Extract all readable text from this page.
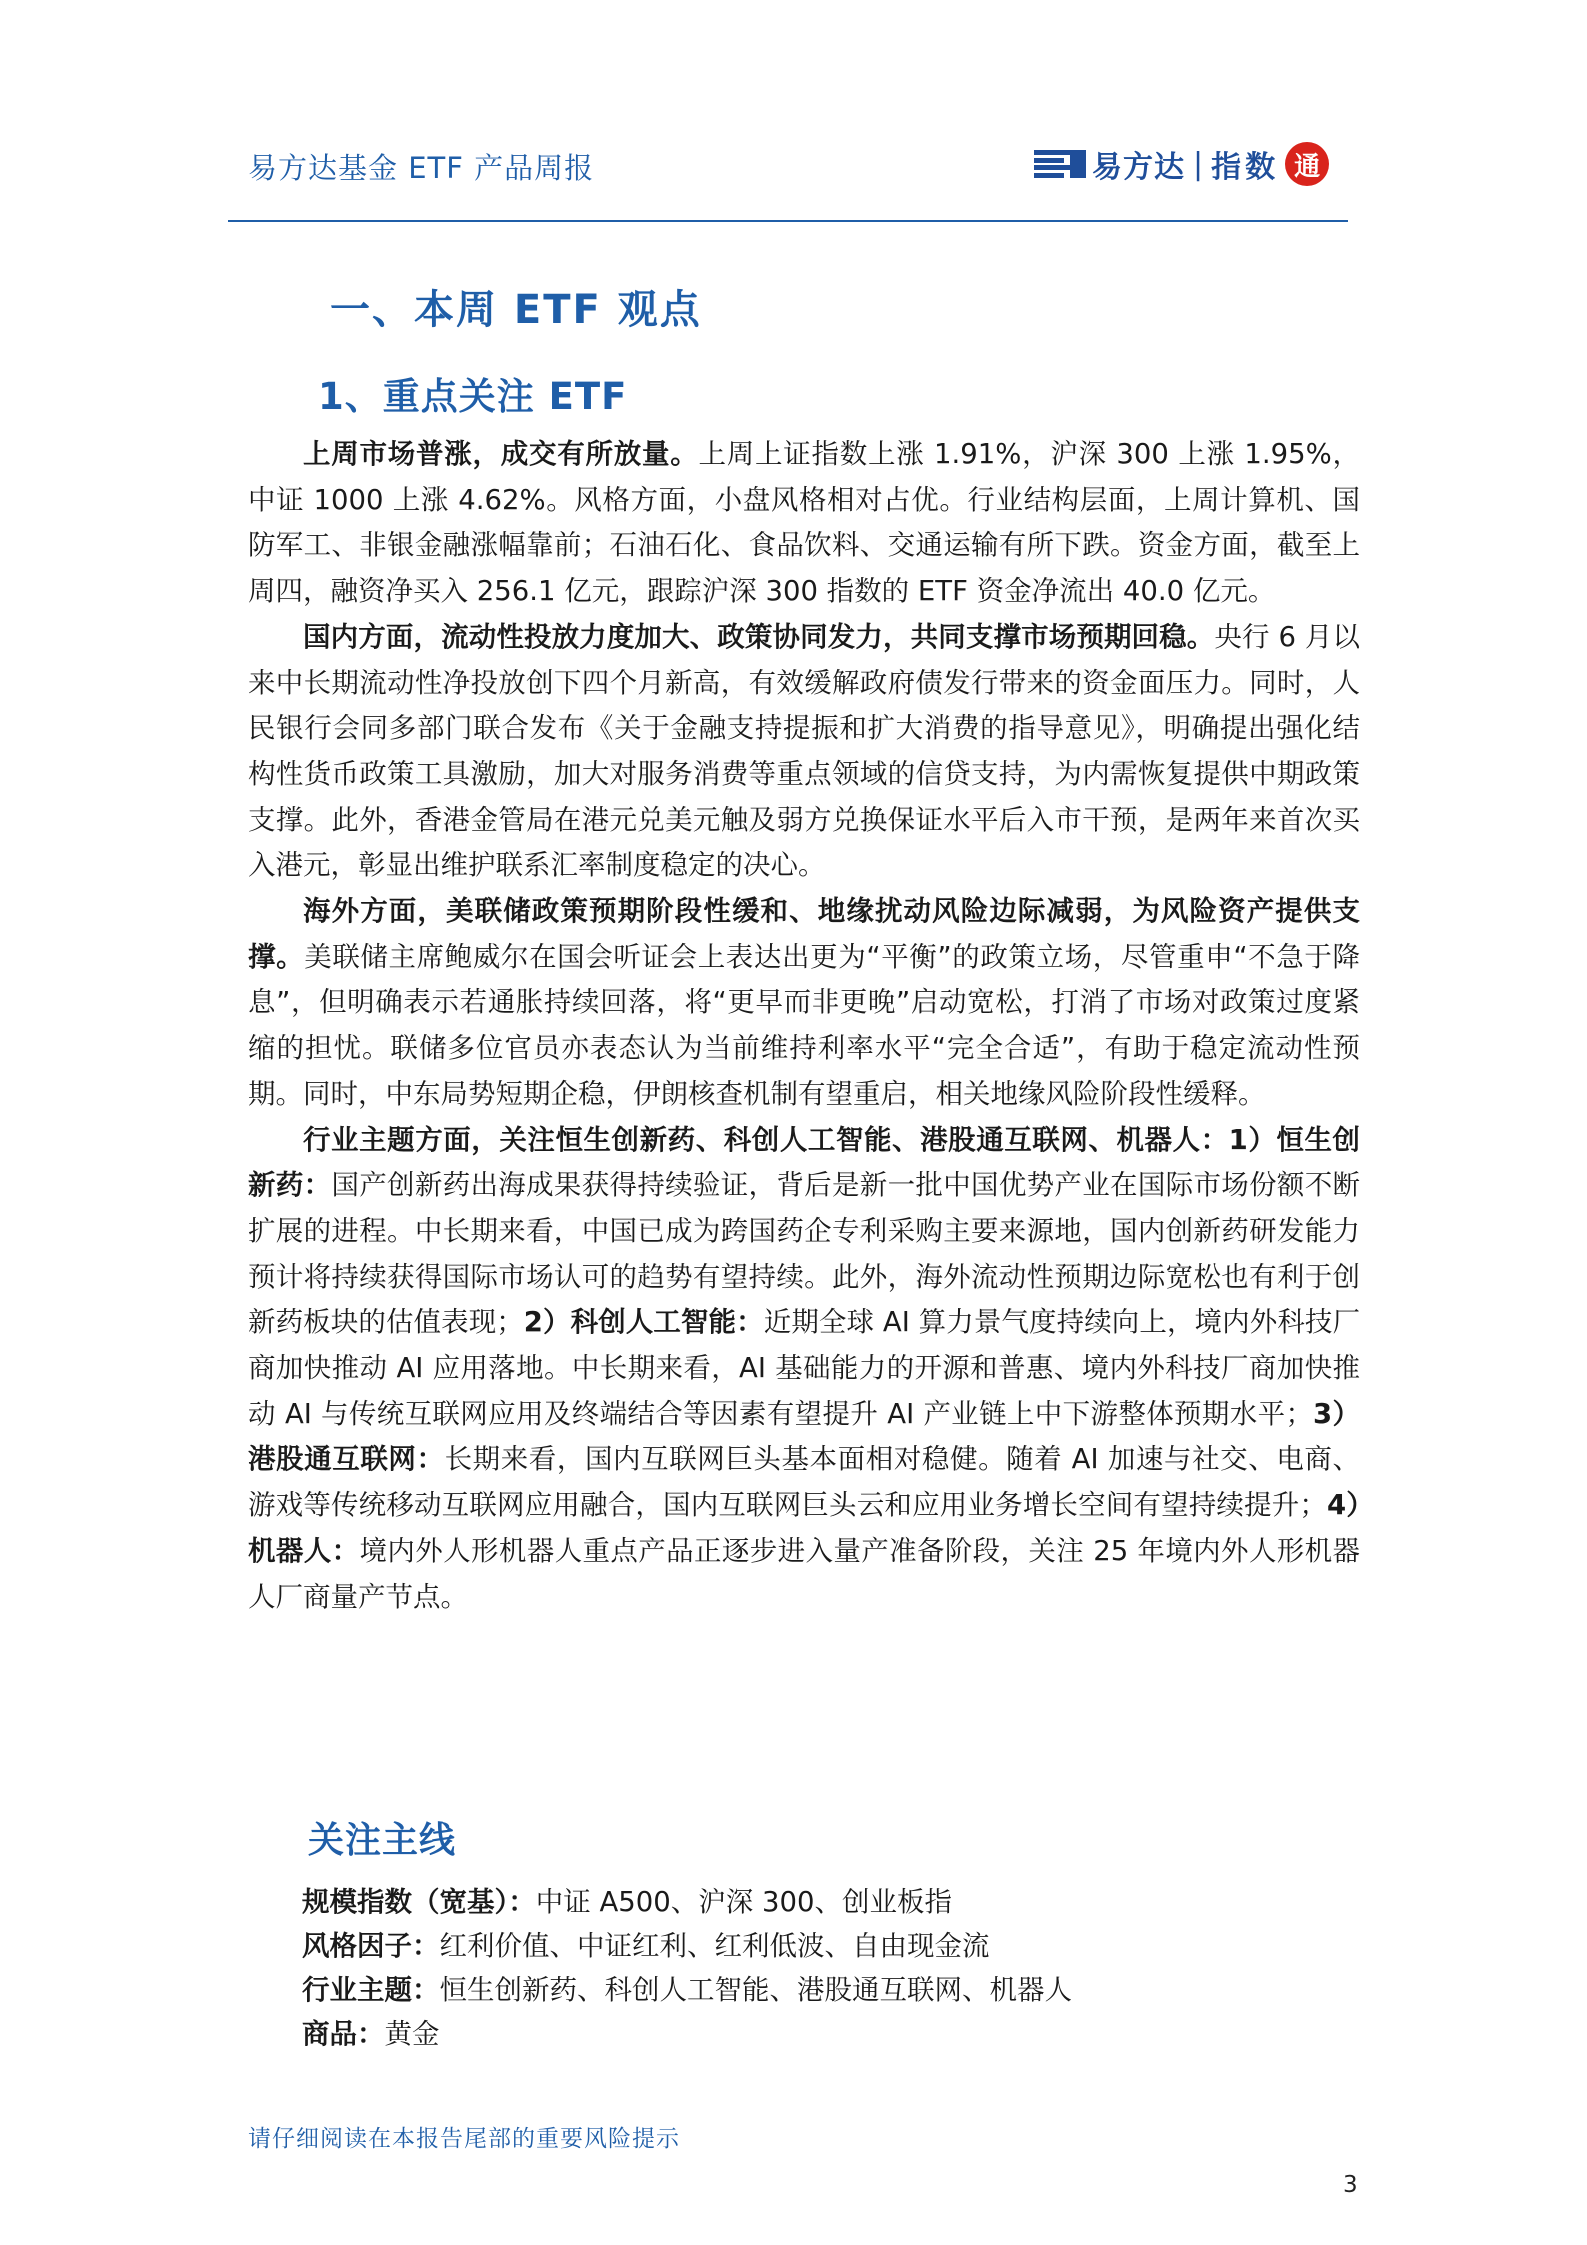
易方达基金 ETF 产品周报	易方达 | 指数 通
一、本周 ETF 观点
1、重点关注 ETF

上周市场普涨，成交有所放量。上周上证指数上涨 1.91%，沪深 300 上涨 1.95%，中证 1000 上涨 4.62%。风格方面，小盘风格相对占优。行业结构层面，上周计算机、国防军工、非银金融涨幅靠前；石油石化、食品饮料、交通运输有所下跌。资金方面，截至上周四，融资净买入 256.1 亿元，跟踪沪深 300 指数的 ETF 资金净流出 40.0 亿元。

国内方面，流动性投放力度加大、政策协同发力，共同支撑市场预期回稳。央行 6 月以来中长期流动性净投放创下四个月新高，有效缓解政府债发行带来的资金面压力。同时，人民银行会同多部门联合发布《关于金融支持提振和扩大消费的指导意见》，明确提出强化结构性货币政策工具激励，加大对服务消费等重点领域的信贷支持，为内需恢复提供中期政策支撑。此外，香港金管局在港元兑美元触及弱方兑换保证水平后入市干预，是两年来首次买入港元，彰显出维护联系汇率制度稳定的决心。

海外方面，美联储政策预期阶段性缓和、地缘扰动风险边际减弱，为风险资产提供支撑。美联储主席鲍威尔在国会听证会上表达出更为“平衡”的政策立场，尽管重申“不急于降息”，但明确表示若通胀持续回落，将“更早而非更晚”启动宽松，打消了市场对政策过度紧缩的担忧。联储多位官员亦表态认为当前维持利率水平“完全合适”，有助于稳定流动性预期。同时，中东局势短期企稳，伊朗核查机制有望重启，相关地缘风险阶段性缓释。

行业主题方面，关注恒生创新药、科创人工智能、港股通互联网、机器人：1）恒生创新药：国产创新药出海成果获得持续验证，背后是新一批中国优势产业在国际市场份额不断扩展的进程。中长期来看，中国已成为跨国药企专利采购主要来源地，国内创新药研发能力预计将持续获得国际市场认可的趋势有望持续。此外，海外流动性预期边际宽松也有利于创新药板块的估值表现；2）科创人工智能：近期全球 AI 算力景气度持续向上，境内外科技厂商加快推动 AI 应用落地。中长期来看，AI 基础能力的开源和普惠、境内外科技厂商加快推动 AI 与传统互联网应用及终端结合等因素有望提升 AI 产业链上中下游整体预期水平；3）港股通互联网：长期来看，国内互联网巨头基本面相对稳健。随着 AI 加速与社交、电商、游戏等传统移动互联网应用融合，国内互联网巨头云和应用业务增长空间有望持续提升；4）机器人：境内外人形机器人重点产品正逐步进入量产准备阶段，关注 25 年境内外人形机器人厂商量产节点。

关注主线
规模指数（宽基）：中证 A500、沪深 300、创业板指
风格因子：红利价值、中证红利、红利低波、自由现金流
行业主题：恒生创新药、科创人工智能、港股通互联网、机器人
商品：黄金
请仔细阅读在本报告尾部的重要风险提示
3
